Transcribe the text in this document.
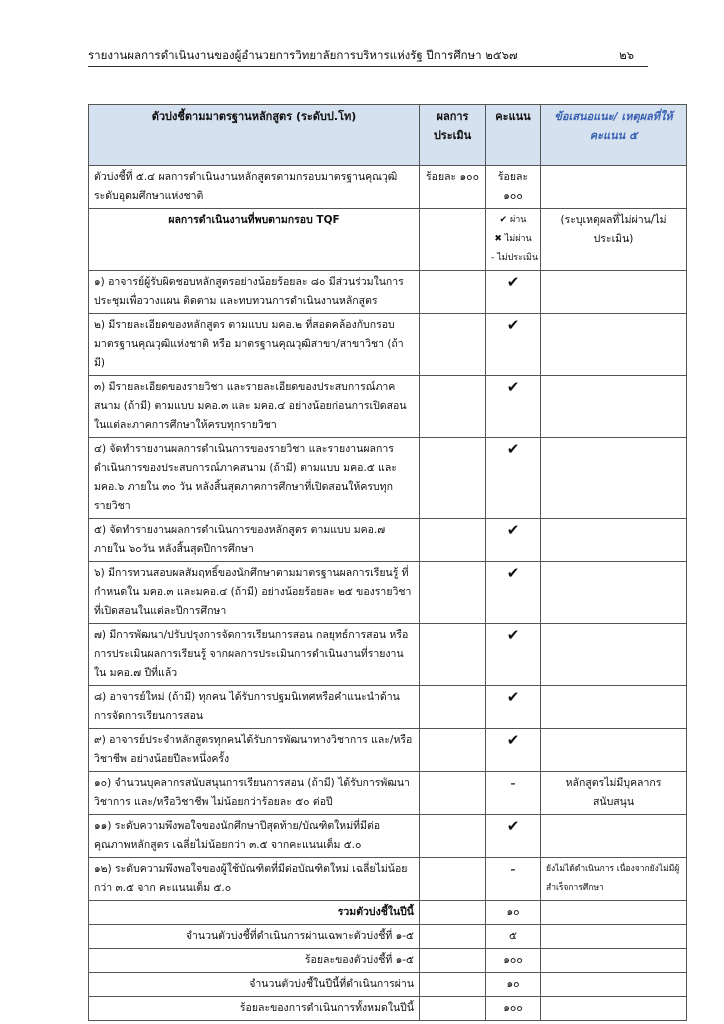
รายงานผลการดำเนินงานของผู้อำนวยการวิทยาลัยการบริหารแห่งรัฐ ปีการศึกษา ๒๕๖๗	๒๖
ตัวบ่งชี้ตามมาตรฐานหลักสูตร (ระดับป.โท)	ผลการประเมิน	คะแนน	ข้อเสนอแนะ/ เหตุผลที่ให้คะแนน ๕
ตัวบ่งชี้ที่ ๕.๔ ผลการดำเนินงานหลักสูตรตามกรอบมาตรฐานคุณวุฒิระดับอุดมศึกษาแห่งชาติ	ร้อยละ ๑๐๐	ร้อยละ ๑๐๐	
ผลการดำเนินงานที่พบตามกรอบ TQF		✔ ผ่าน
✖ ไม่ผ่าน
- ไม่ประเมิน	(ระบุเหตุผลที่ไม่ผ่าน/ไม่ประเมิน)
๑) อาจารย์ผู้รับผิดชอบหลักสูตรอย่างน้อยร้อยละ ๘๐ มีส่วนร่วมในการประชุมเพื่อวางแผน ติดตาม และทบทวนการดำเนินงานหลักสูตร		✔	
๒) มีรายละเอียดของหลักสูตร ตามแบบ มคอ.๒ ที่สอดคล้องกับกรอบมาตรฐานคุณวุฒิแห่งชาติ หรือ มาตรฐานคุณวุฒิสาขา/สาขาวิชา (ถ้ามี)		✔	
๓) มีรายละเอียดของรายวิชา และรายละเอียดของประสบการณ์ภาคสนาม (ถ้ามี) ตามแบบ มคอ.๓ และ มคอ.๔ อย่างน้อยก่อนการเปิดสอนในแต่ละภาคการศึกษาให้ครบทุกรายวิชา		✔	
๔) จัดทำรายงานผลการดำเนินการของรายวิชา และรายงานผลการดำเนินการของประสบการณ์ภาคสนาม (ถ้ามี) ตามแบบ มคอ.๕ และ มคอ.๖ ภายใน ๓๐ วัน หลังสิ้นสุดภาคการศึกษาที่เปิดสอนให้ครบทุกรายวิชา		✔	
๕) จัดทำรายงานผลการดำเนินการของหลักสูตร ตามแบบ มคอ.๗ ภายใน ๖๐วัน หลังสิ้นสุดปีการศึกษา		✔	
๖) มีการทวนสอบผลสัมฤทธิ์ของนักศึกษาตามมาตรฐานผลการเรียนรู้ ที่กำหนดใน มคอ.๓ และมคอ.๔ (ถ้ามี) อย่างน้อยร้อยละ ๒๕ ของรายวิชาที่เปิดสอนในแต่ละปีการศึกษา		✔	
๗) มีการพัฒนา/ปรับปรุงการจัดการเรียนการสอน กลยุทธ์การสอน หรือ การประเมินผลการเรียนรู้ จากผลการประเมินการดำเนินงานที่รายงานใน มคอ.๗ ปีที่แล้ว		✔	
๘) อาจารย์ใหม่ (ถ้ามี) ทุกคน ได้รับการปฐมนิเทศหรือคำแนะนำด้านการจัดการเรียนการสอน		✔	
๙) อาจารย์ประจำหลักสูตรทุกคนได้รับการพัฒนาทางวิชาการ และ/หรือวิชาชีพ อย่างน้อยปีละหนึ่งครั้ง		✔	
๑๐) จำนวนบุคลากรสนับสนุนการเรียนการสอน (ถ้ามี) ได้รับการพัฒนาวิชาการ และ/หรือวิชาชีพ ไม่น้อยกว่าร้อยละ ๕๐ ต่อปี		-	หลักสูตรไม่มีบุคลากรสนับสนุน
๑๑) ระดับความพึงพอใจของนักศึกษาปีสุดท้าย/บัณฑิตใหม่ที่มีต่อคุณภาพหลักสูตร เฉลี่ยไม่น้อยกว่า ๓.๕ จากคะแนนเต็ม ๕.๐		✔	
๑๒) ระดับความพึงพอใจของผู้ใช้บัณฑิตที่มีต่อบัณฑิตใหม่ เฉลี่ยไม่น้อยกว่า ๓.๕ จาก คะแนนเต็ม ๕.๐		-	ยังไม่ได้ดำเนินการ เนื่องจากยังไม่มีผู้สำเร็จการศึกษา
รวมตัวบ่งชี้ในปีนี้		๑๐	
จำนวนตัวบ่งชี้ที่ดำเนินการผ่านเฉพาะตัวบ่งชี้ที่ ๑-๕		๕	
ร้อยละของตัวบ่งชี้ที่ ๑-๕		๑๐๐	
จำนวนตัวบ่งชี้ในปีนี้ที่ดำเนินการผ่าน		๑๐	
ร้อยละของการดำเนินการทั้งหมดในปีนี้		๑๐๐	
